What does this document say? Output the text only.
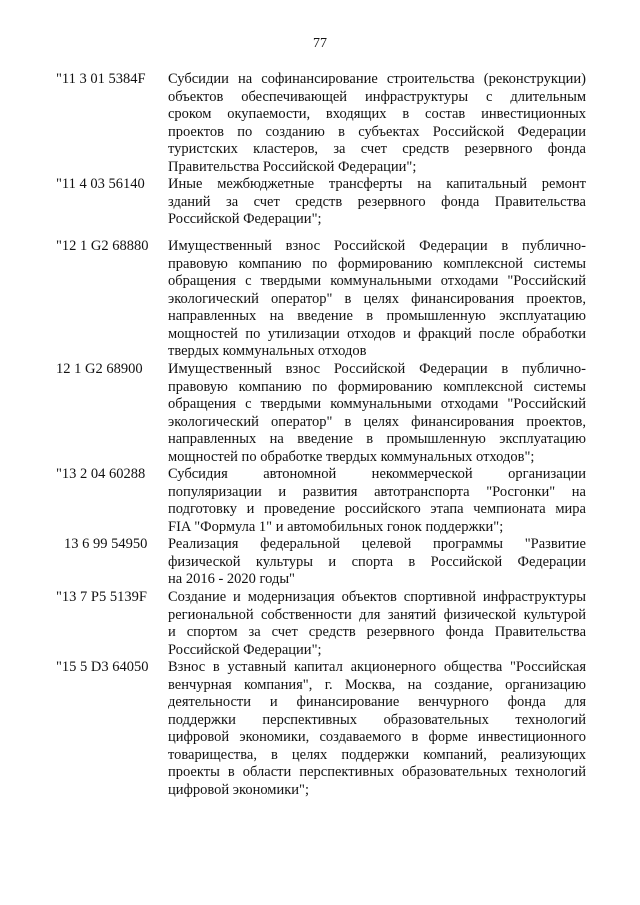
77
"11 3 01 5384F	Субсидии на софинансирование строительства (реконструкции)
объектов обеспечивающей инфраструктуры с длительным
сроком окупаемости, входящих в состав инвестиционных
проектов по созданию в субъектах Российской Федерации
туристских кластеров, за счет средств резервного фонда
Правительства Российской Федерации";
"11 4 03 56140	Иные межбюджетные трансферты на капитальный ремонт
зданий за счет средств резервного фонда Правительства
Российской Федерации";
"12 1 G2 68880	Имущественный взнос Российской Федерации в публично-
правовую компанию по формированию комплексной системы
обращения с твердыми коммунальными отходами "Российский
экологический оператор" в целях финансирования проектов,
направленных на введение в промышленную эксплуатацию
мощностей по утилизации отходов и фракций после обработки
твердых коммунальных отходов
12 1 G2 68900	Имущественный взнос Российской Федерации в публично-
правовую компанию по формированию комплексной системы
обращения с твердыми коммунальными отходами "Российский
экологический оператор" в целях финансирования проектов,
направленных на введение в промышленную эксплуатацию
мощностей по обработке твердых коммунальных отходов";
"13 2 04 60288	Субсидия автономной некоммерческой организации
популяризации и развития автотранспорта "Росгонки" на
подготовку и проведение российского этапа чемпионата мира
FIA "Формула 1" и автомобильных гонок поддержки";
13 6 99 54950	Реализация федеральной целевой программы "Развитие
физической культуры и спорта в Российской Федерации
на 2016 - 2020 годы"
"13 7 P5 5139F	Создание и модернизация объектов спортивной инфраструктуры
региональной собственности для занятий физической культурой
и спортом за счет средств резервного фонда Правительства
Российской Федерации";
"15 5 D3 64050	Взнос в уставный капитал акционерного общества "Российская
венчурная компания", г. Москва, на создание, организацию
деятельности и финансирование венчурного фонда для
поддержки перспективных образовательных технологий
цифровой экономики, создаваемого в форме инвестиционного
товарищества, в целях поддержки компаний, реализующих
проекты в области перспективных образовательных технологий
цифровой экономики";
